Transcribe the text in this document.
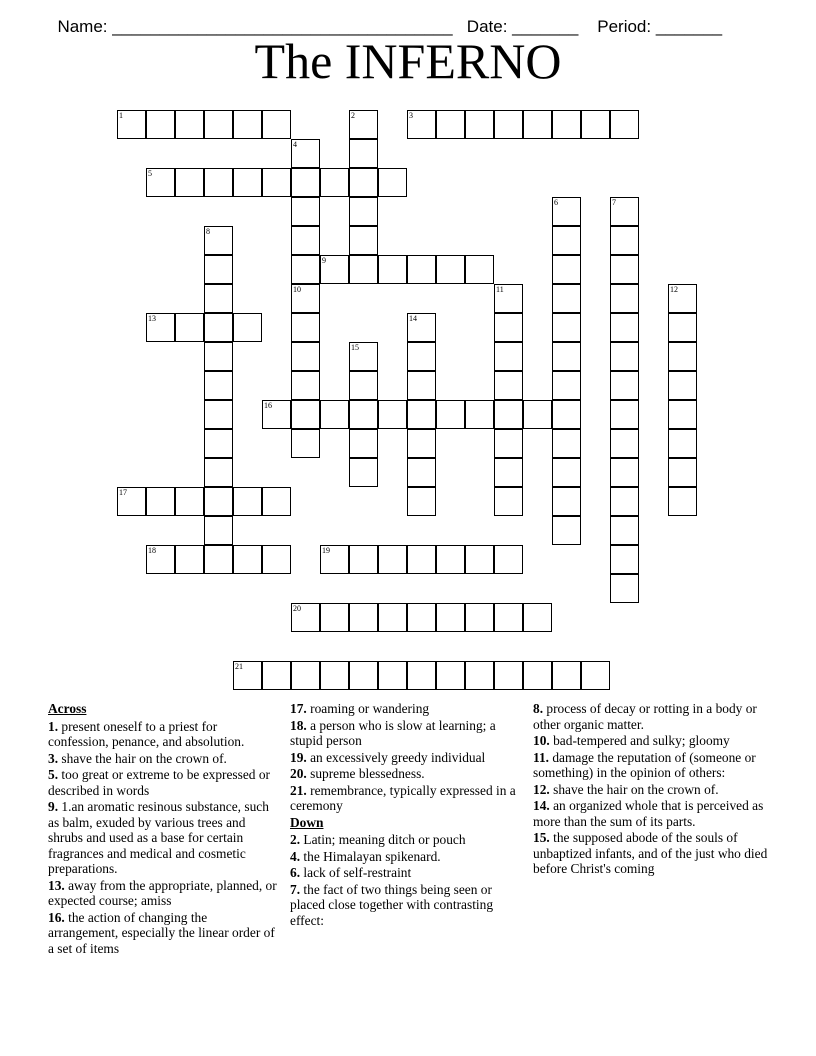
Name: ____________________________________ Date: _______ Period: _______

The INFERNO
1	2	3
4
5
6	7
8
9
10	11	12
13	14
15
16
17
18	19
20
21
Across
1. present oneself to a priest for confession, penance, and absolution.
3. shave the hair on the crown of.
5. too great or extreme to be expressed or described in words
9. 1.an aromatic resinous substance, such as balm, exuded by various trees and shrubs and used as a base for certain fragrances and medical and cosmetic preparations.
13. away from the appropriate, planned, or expected course; amiss
16. the action of changing the arrangement, especially the linear order of a set of items
17. roaming or wandering
18. a person who is slow at learning; a stupid person
19. an excessively greedy individual
20. supreme blessedness.
21. remembrance, typically expressed in a ceremony
Down
2. Latin; meaning ditch or pouch
4. the Himalayan spikenard.
6. lack of self-restraint
7. the fact of two things being seen or placed close together with contrasting effect:
8. process of decay or rotting in a body or other organic matter.
10. bad-tempered and sulky; gloomy
11. damage the reputation of (someone or something) in the opinion of others:
12. shave the hair on the crown of.
14. an organized whole that is perceived as more than the sum of its parts.
15. the supposed abode of the souls of unbaptized infants, and of the just who died before Christ's coming
